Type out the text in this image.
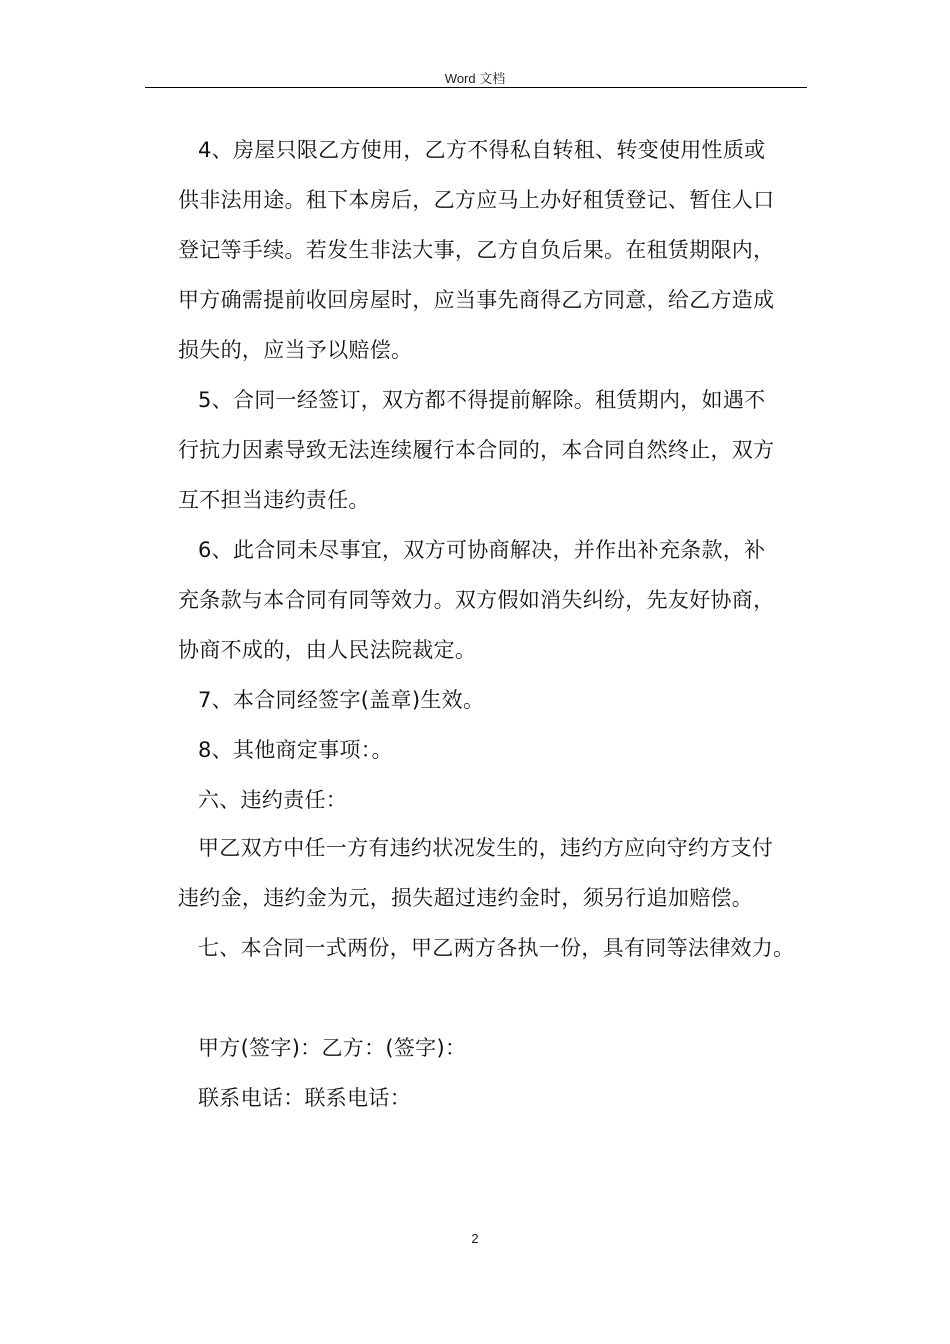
Word 文档
4、房屋只限乙方使用，乙方不得私自转租、转变使用性质或
供非法用途。租下本房后，乙方应马上办好租赁登记、暂住人口
登记等手续。若发生非法大事，乙方自负后果。在租赁期限内，
甲方确需提前收回房屋时，应当事先商得乙方同意，给乙方造成
损失的，应当予以赔偿。
5、合同一经签订，双方都不得提前解除。租赁期内，如遇不
行抗力因素导致无法连续履行本合同的，本合同自然终止，双方
互不担当违约责任。
6、此合同未尽事宜，双方可协商解决，并作出补充条款，补
充条款与本合同有同等效力。双方假如消失纠纷，先友好协商，
协商不成的，由人民法院裁定。
7、本合同经签字(盖章)生效。
8、其他商定事项：。
六、违约责任：
甲乙双方中任一方有违约状况发生的，违约方应向守约方支付
违约金，违约金为元，损失超过违约金时，须另行追加赔偿。
七、本合同一式两份，甲乙两方各执一份，具有同等法律效力。
甲方(签字)：乙方：(签字)：
联系电话：联系电话：
2
